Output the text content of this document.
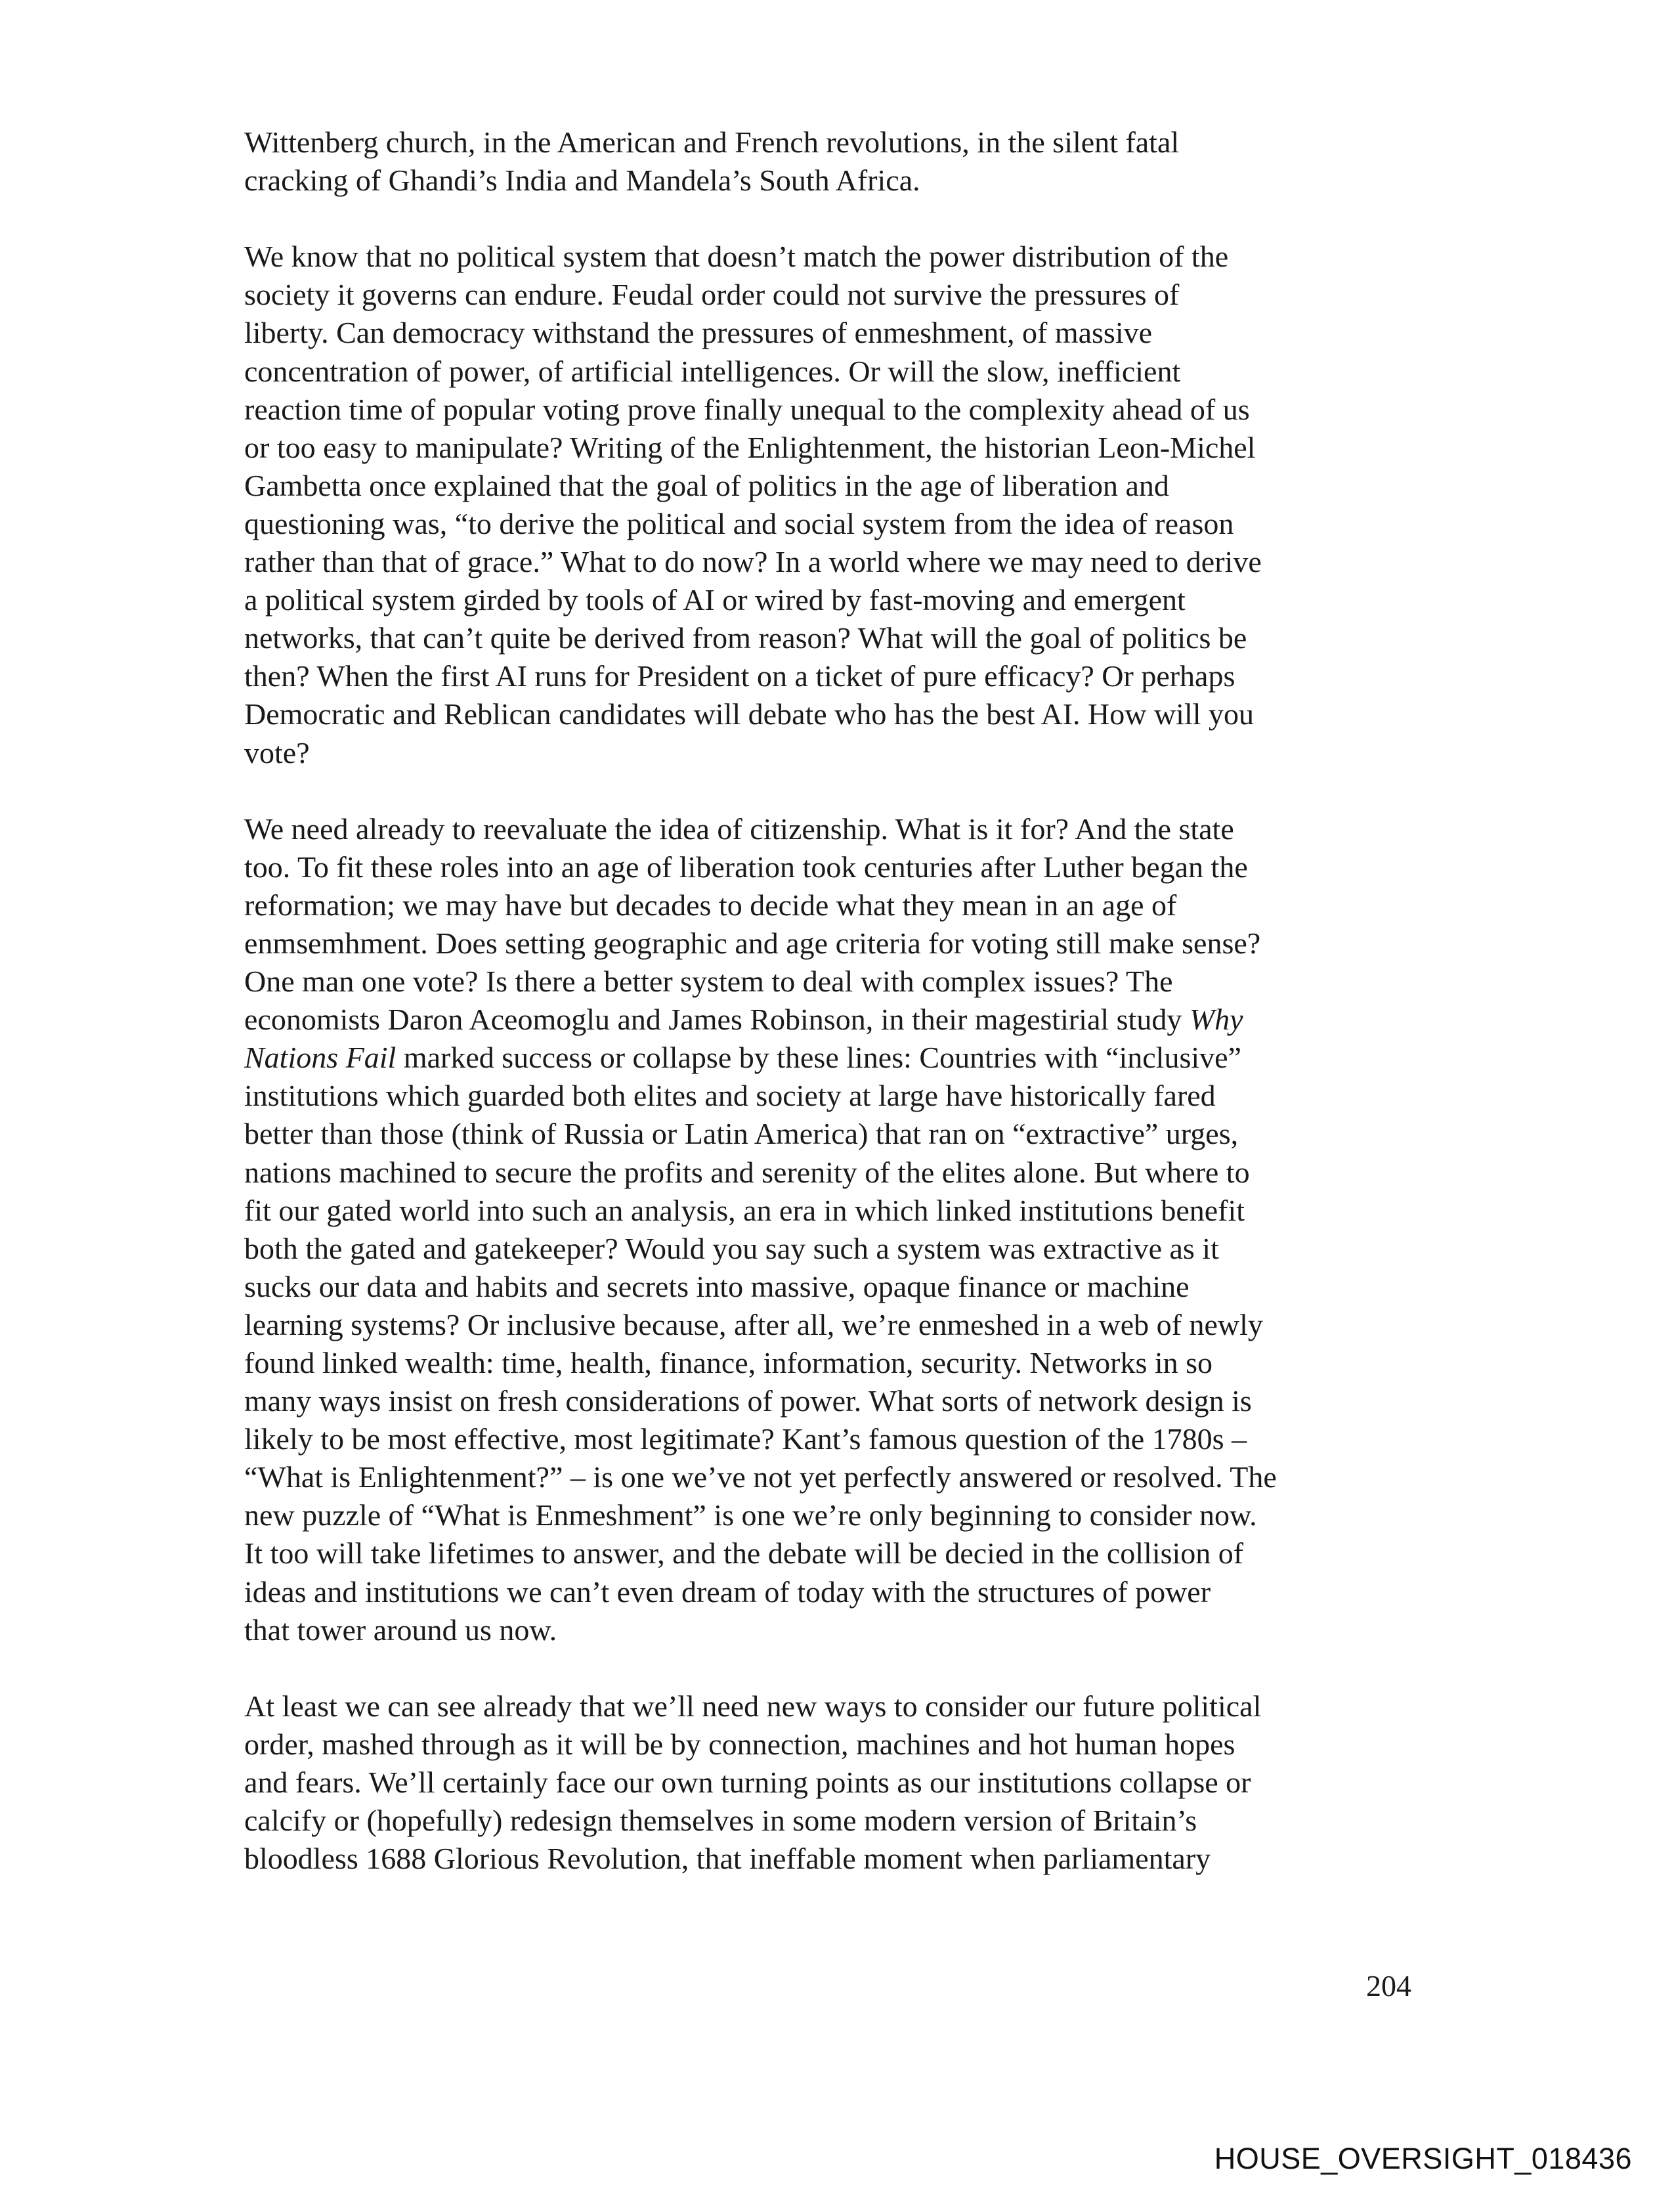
Wittenberg church, in the American and French revolutions, in the silent fatal
cracking of Ghandi’s India and Mandela’s South Africa.
We know that no political system that doesn’t match the power distribution of the
society it governs can endure. Feudal order could not survive the pressures of
liberty. Can democracy withstand the pressures of enmeshment, of massive
concentration of power, of artificial intelligences. Or will the slow, inefficient
reaction time of popular voting prove finally unequal to the complexity ahead of us
or too easy to manipulate? Writing of the Enlightenment, the historian Leon-Michel
Gambetta once explained that the goal of politics in the age of liberation and
questioning was, “to derive the political and social system from the idea of reason
rather than that of grace.” What to do now? In a world where we may need to derive
a political system girded by tools of AI or wired by fast-moving and emergent
networks, that can’t quite be derived from reason? What will the goal of politics be
then? When the first AI runs for President on a ticket of pure efficacy? Or perhaps
Democratic and Reblican candidates will debate who has the best AI. How will you
vote?
We need already to reevaluate the idea of citizenship. What is it for? And the state
too. To fit these roles into an age of liberation took centuries after Luther began the
reformation; we may have but decades to decide what they mean in an age of
enmsemhment. Does setting geographic and age criteria for voting still make sense?
One man one vote? Is there a better system to deal with complex issues? The
economists Daron Aceomoglu and James Robinson, in their magestirial study Why
Nations Fail marked success or collapse by these lines: Countries with “inclusive”
institutions which guarded both elites and society at large have historically fared
better than those (think of Russia or Latin America) that ran on “extractive” urges,
nations machined to secure the profits and serenity of the elites alone. But where to
fit our gated world into such an analysis, an era in which linked institutions benefit
both the gated and gatekeeper? Would you say such a system was extractive as it
sucks our data and habits and secrets into massive, opaque finance or machine
learning systems? Or inclusive because, after all, we’re enmeshed in a web of newly
found linked wealth: time, health, finance, information, security. Networks in so
many ways insist on fresh considerations of power. What sorts of network design is
likely to be most effective, most legitimate? Kant’s famous question of the 1780s –
“What is Enlightenment?” – is one we’ve not yet perfectly answered or resolved. The
new puzzle of “What is Enmeshment” is one we’re only beginning to consider now.
It too will take lifetimes to answer, and the debate will be decied in the collision of
ideas and institutions we can’t even dream of today with the structures of power
that tower around us now.
At least we can see already that we’ll need new ways to consider our future political
order, mashed through as it will be by connection, machines and hot human hopes
and fears. We’ll certainly face our own turning points as our institutions collapse or
calcify or (hopefully) redesign themselves in some modern version of Britain’s
bloodless 1688 Glorious Revolution, that ineffable moment when parliamentary
204
HOUSE_OVERSIGHT_018436
